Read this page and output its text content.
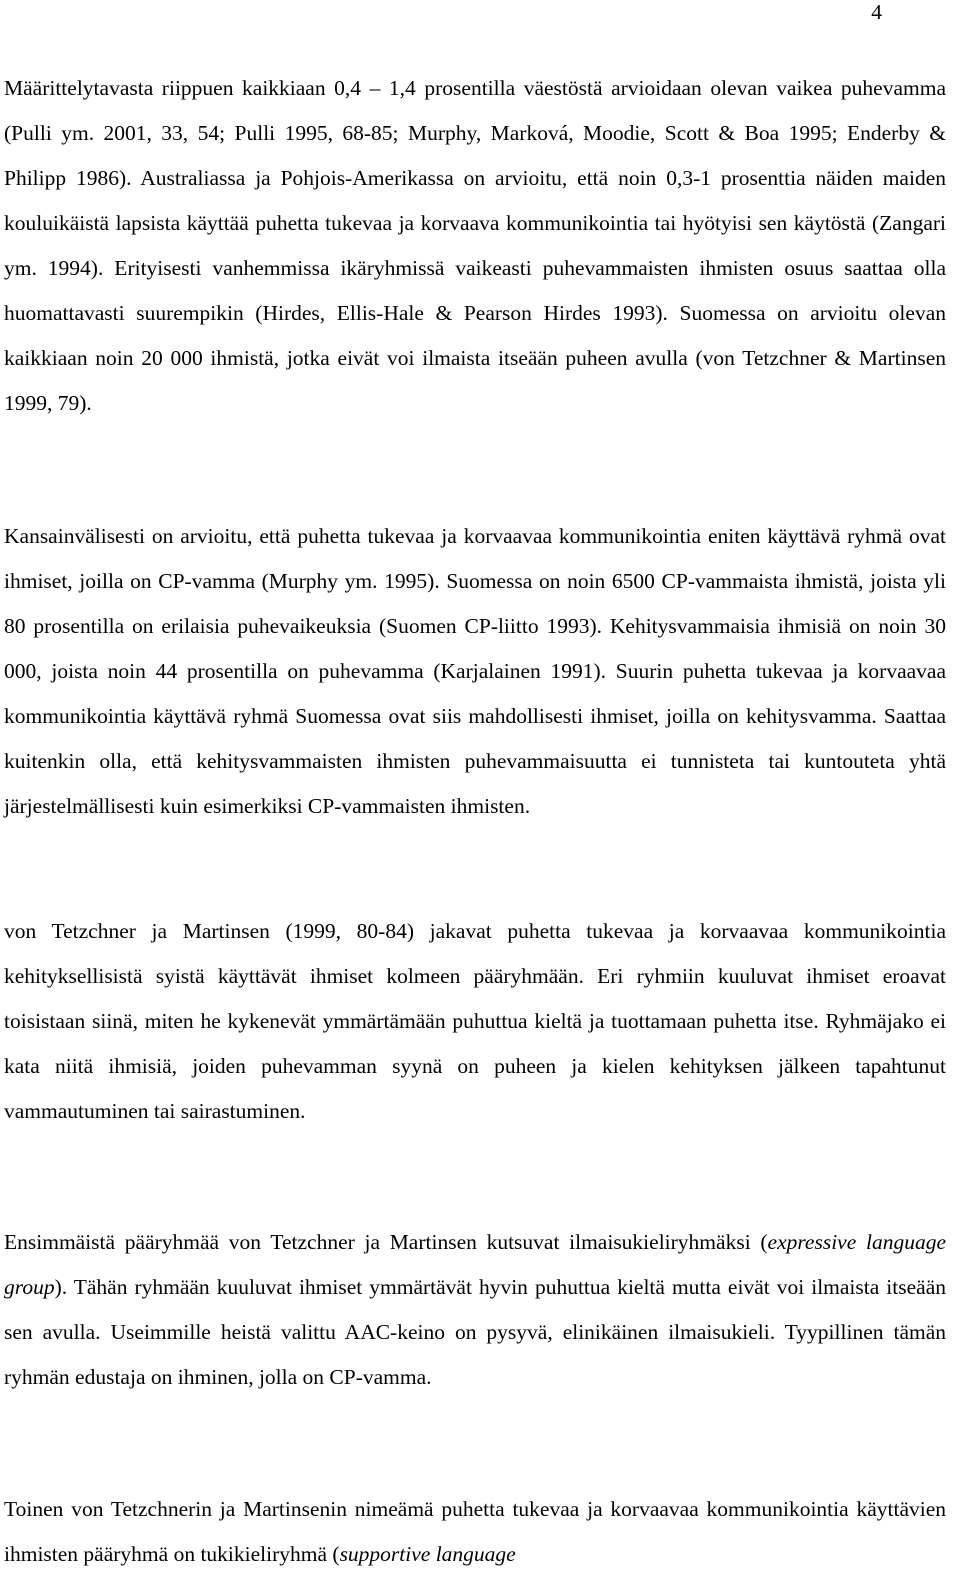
4

Määrittelytavasta riippuen kaikkiaan 0,4 – 1,4 prosentilla väestöstä arvioidaan olevan vaikea puhevamma (Pulli ym. 2001, 33, 54; Pulli 1995, 68-85; Murphy, Marková, Moodie, Scott & Boa 1995; Enderby & Philipp 1986). Australiassa ja Pohjois-Amerikassa on arvioitu, että noin 0,3-1 prosenttia näiden maiden kouluikäistä lapsista käyttää puhetta tukevaa ja korvaava kommunikointia tai hyötyisi sen käytöstä (Zangari ym. 1994). Erityisesti vanhemmissa ikäryhmissä vaikeasti puhevammaisten ihmisten osuus saattaa olla huomattavasti suurempikin (Hirdes, Ellis-Hale & Pearson Hirdes 1993). Suomessa on arvioitu olevan kaikkiaan noin 20 000 ihmistä, jotka eivät voi ilmaista itseään puheen avulla (von Tetzchner & Martinsen 1999, 79).

Kansainvälisesti on arvioitu, että puhetta tukevaa ja korvaavaa kommunikointia eniten käyttävä ryhmä ovat ihmiset, joilla on CP-vamma (Murphy ym. 1995). Suomessa on noin 6500 CP-vammaista ihmistä, joista yli 80 prosentilla on erilaisia puhevaikeuksia (Suomen CP-liitto 1993). Kehitysvammaisia ihmisiä on noin 30 000, joista noin 44 prosentilla on puhevamma (Karjalainen 1991). Suurin puhetta tukevaa ja korvaavaa kommunikointia käyttävä ryhmä Suomessa ovat siis mahdollisesti ihmiset, joilla on kehitysvamma. Saattaa kuitenkin olla, että kehitysvammaisten ihmisten puhevammaisuutta ei tunnisteta tai kuntouteta yhtä järjestelmällisesti kuin esimerkiksi CP-vammaisten ihmisten.

von Tetzchner ja Martinsen (1999, 80-84) jakavat puhetta tukevaa ja korvaavaa kommunikointia kehityksellisistä syistä käyttävät ihmiset kolmeen pääryhmään. Eri ryhmiin kuuluvat ihmiset eroavat toisistaan siinä, miten he kykenevät ymmärtämään puhuttua kieltä ja tuottamaan puhetta itse. Ryhmäjako ei kata niitä ihmisiä, joiden puhevamman syynä on puheen ja kielen kehityksen jälkeen tapahtunut vammautuminen tai sairastuminen.

Ensimmäistä pääryhmää von Tetzchner ja Martinsen kutsuvat ilmaisukieliryhmäksi (expressive language group). Tähän ryhmään kuuluvat ihmiset ymmärtävät hyvin puhuttua kieltä mutta eivät voi ilmaista itseään sen avulla. Useimmille heistä valittu AAC-keino on pysyvä, elinikäinen ilmaisukieli. Tyypillinen tämän ryhmän edustaja on ihminen, jolla on CP-vamma.

Toinen von Tetzchnerin ja Martinsenin nimeämä puhetta tukevaa ja korvaavaa kommunikointia käyttävien ihmisten pääryhmä on tukikieliryhmä (supportive language
